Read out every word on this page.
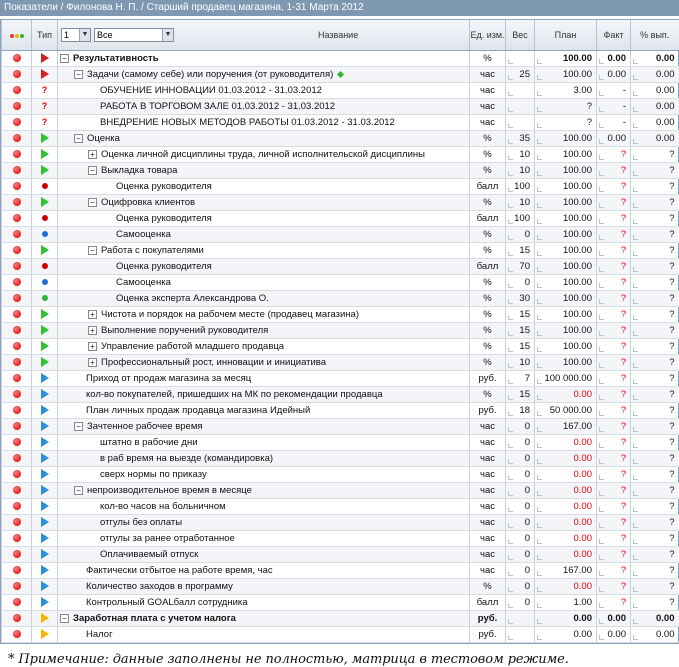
Показатели / Филонова Н. П. / Старший продавец магазина, 1-31 Марта 2012
	Тип	1 ▼ Все ▼ Название	Ед. изм.	Вес	План	Факт	% вып.
		− Результативность	%		100.00	0.00	0.00
		− Задачи (самому себе) или поручения (от руководителя)	час	25	100.00	0.00	0.00
	?	ОБУЧЕНИЕ ИННОВАЦИИ 01.03.2012 - 31.03.2012	час		3.00	-	0.00
	?	РАБОТА В ТОРГОВОМ ЗАЛЕ 01.03.2012 - 31.03.2012	час		?	-	0.00
	?	ВНЕДРЕНИЕ НОВЫХ МЕТОДОВ РАБОТЫ 01.03.2012 - 31.03.2012	час		?	-	0.00
		− Оценка	%	35	100.00	0.00	0.00
		+ Оценка личной дисциплины труда, личной исполнительской дисциплины	%	10	100.00	?	?
		− Выкладка товара	%	10	100.00	?	?
		Оценка руководителя	балл	100	100.00	?	?
		− Оцифровка клиентов	%	10	100.00	?	?
		Оценка руководителя	балл	100	100.00	?	?
		Самооценка	%	0	100.00	?	?
		− Работа с покупателями	%	15	100.00	?	?
		Оценка руководителя	балл	70	100.00	?	?
		Самооценка	%	0	100.00	?	?
		Оценка эксперта Александрова О.	%	30	100.00	?	?
		+ Чистота и порядок на рабочем месте (продавец магазина)	%	15	100.00	?	?
		+ Выполнение поручений руководителя	%	15	100.00	?	?
		+ Управление работой младшего продавца	%	15	100.00	?	?
		+ Профессиональный рост, инновации и инициатива	%	10	100.00	?	?
		Приход от продаж магазина за месяц	руб.	7	100 000.00	?	?
		кол-во покупателей, пришедших на МК по рекомендации продавца	%	15	0.00	?	?
		План личных продаж продавца магазина Идейный	руб.	18	50 000.00	?	?
		− Зачтенное рабочее время	час	0	167.00	?	?
		штатно в рабочие дни	час	0	0.00	?	?
		в раб время на выезде (командировка)	час	0	0.00	?	?
		сверх нормы по приказу	час	0	0.00	?	?
		− непроизводительное время в месяце	час	0	0.00	?	?
		кол-во часов на больничном	час	0	0.00	?	?
		отгулы без оплаты	час	0	0.00	?	?
		отгулы за ранее отработанное	час	0	0.00	?	?
		Оплачиваемый отпуск	час	0	0.00	?	?
		Фактически отбытое на работе время, час	час	0	167.00	?	?
		Количество заходов в программу	%	0	0.00	?	?
		Контрольный GOALбалл сотрудника	балл	0	1.00	?	?
		− Заработная плата с учетом налога	руб.		0.00	0.00	0.00
		Налог	руб.		0.00	0.00	0.00
* Примечание: данные заполнены не полностью, матрица в тестовом режиме.
